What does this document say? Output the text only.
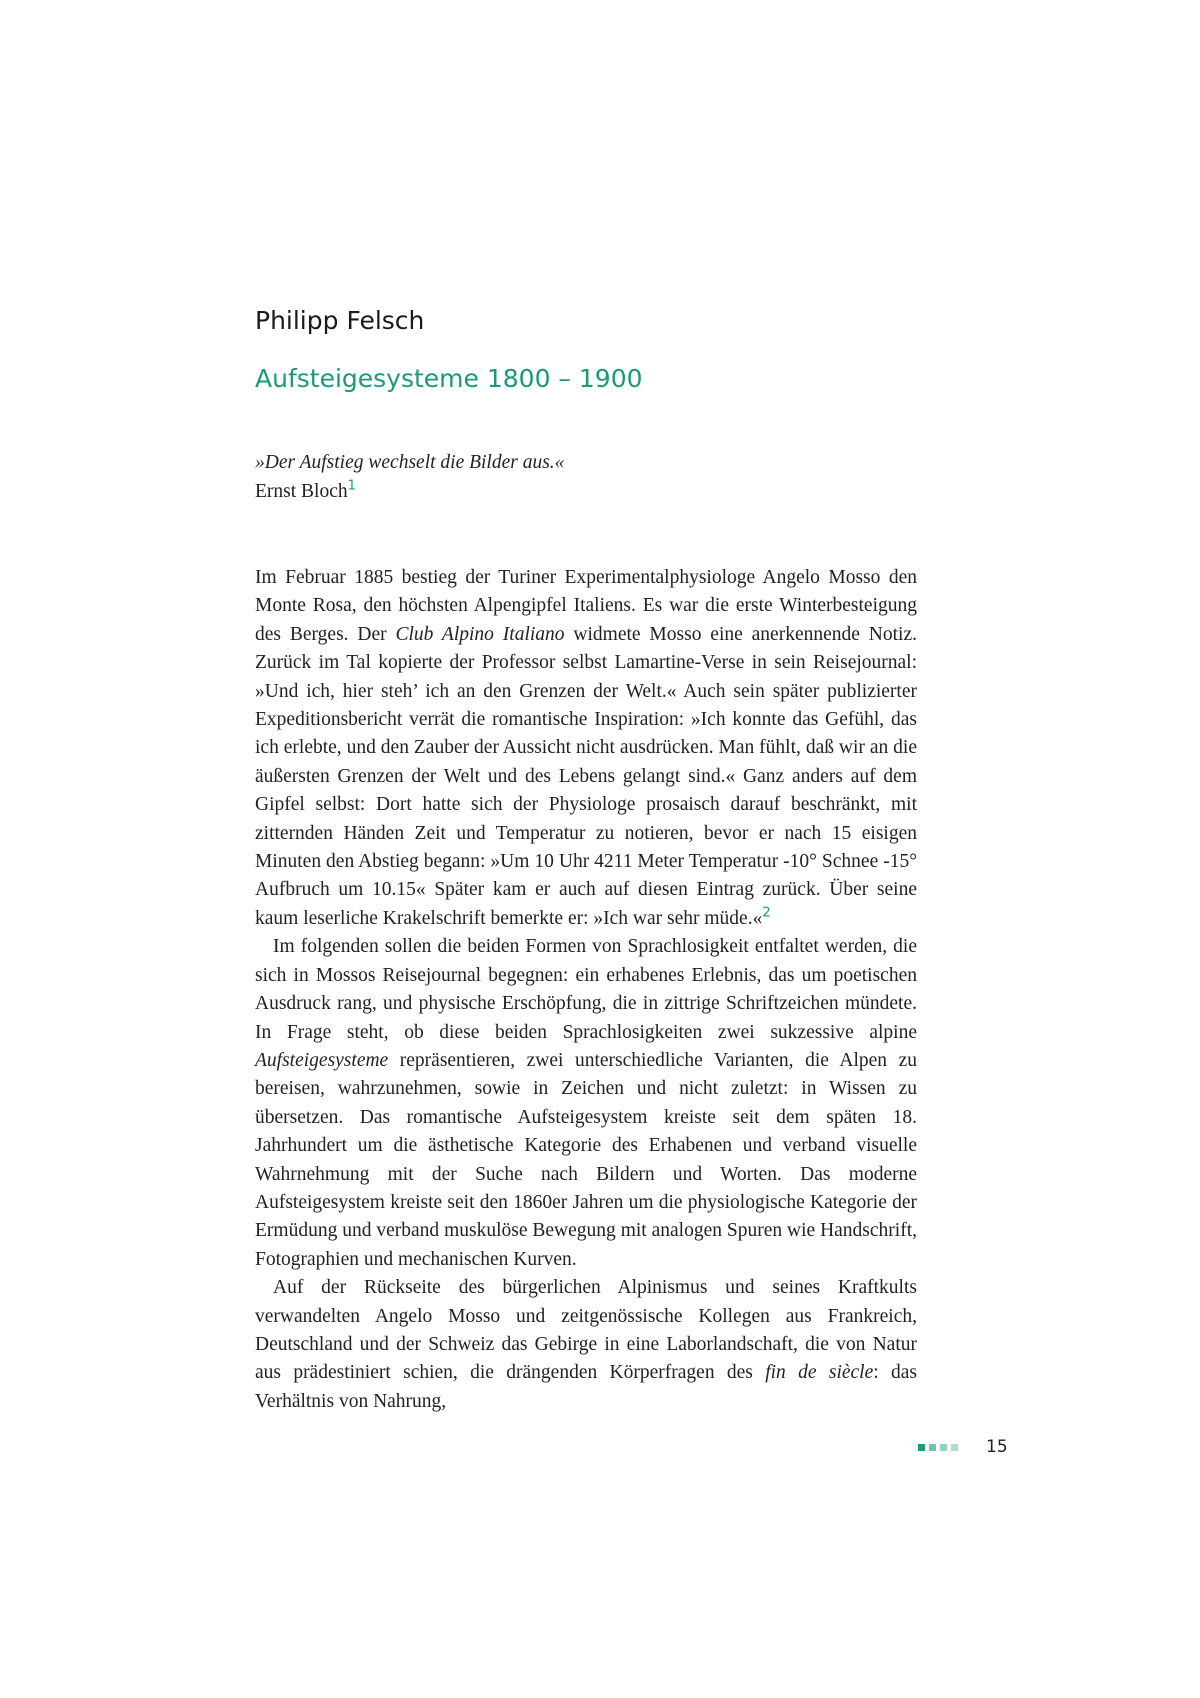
Philipp Felsch
Aufsteigesysteme 1800 – 1900
»Der Aufstieg wechselt die Bilder aus.«
Ernst Bloch$^1$

Im Februar 1885 bestieg der Turiner Experimentalphysiologe Angelo Mosso den Monte Rosa, den höchsten Alpengipfel Italiens. Es war die erste Winterbesteigung des Berges. Der Club Alpino Italiano widmete Mosso eine anerkennende Notiz. Zurück im Tal kopierte der Professor selbst Lamartine-Verse in sein Reisejournal: »Und ich, hier steh’ ich an den Grenzen der Welt.« Auch sein später publizierter Expeditionsbericht verrät die romantische Inspiration: »Ich konnte das Gefühl, das ich erlebte, und den Zauber der Aussicht nicht ausdrücken. Man fühlt, daß wir an die äußersten Grenzen der Welt und des Lebens gelangt sind.« Ganz anders auf dem Gipfel selbst: Dort hatte sich der Physiologe prosaisch darauf beschränkt, mit zitternden Händen Zeit und Temperatur zu notieren, bevor er nach 15 eisigen Minuten den Abstieg begann: »Um 10 Uhr 4211 Meter Temperatur -10° Schnee -15° Aufbruch um 10.15« Später kam er auch auf diesen Eintrag zurück. Über seine kaum leserliche Krakelschrift bemerkte er: »Ich war sehr müde.«$^2$

Im folgenden sollen die beiden Formen von Sprachlosigkeit entfaltet werden, die sich in Mossos Reisejournal begegnen: ein erhabenes Erlebnis, das um poetischen Ausdruck rang, und physische Erschöpfung, die in zittrige Schriftzeichen mündete. In Frage steht, ob diese beiden Sprachlosigkeiten zwei sukzessive alpine Aufsteigesysteme repräsentieren, zwei unterschiedliche Varianten, die Alpen zu bereisen, wahrzunehmen, sowie in Zeichen und nicht zuletzt: in Wissen zu übersetzen. Das romantische Aufsteigesystem kreiste seit dem späten 18. Jahrhundert um die ästhetische Kategorie des Erhabenen und verband visuelle Wahrnehmung mit der Suche nach Bildern und Worten. Das moderne Aufsteigesystem kreiste seit den 1860er Jahren um die physiologische Kategorie der Ermüdung und verband muskulöse Bewegung mit analogen Spuren wie Handschrift, Fotographien und mechanischen Kurven.

Auf der Rückseite des bürgerlichen Alpinismus und seines Kraftkults verwandelten Angelo Mosso und zeitgenössische Kollegen aus Frankreich, Deutschland und der Schweiz das Gebirge in eine Laborlandschaft, die von Natur aus prädestiniert schien, die drängenden Körperfragen des fin de siècle: das Verhältnis von Nahrung,

15
